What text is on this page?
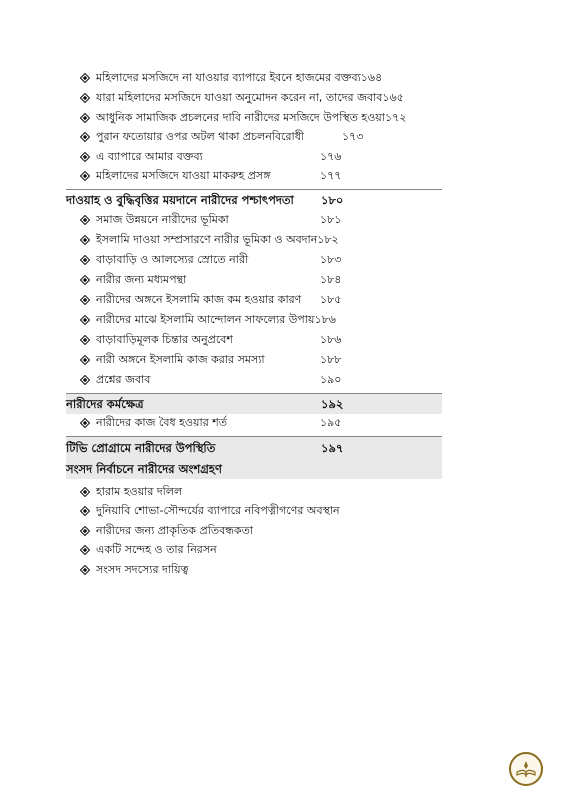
মহিলাদের মসজিদে না যাওয়ার ব্যাপারে ইবনে হাজমের বক্তব্য১৬৪
যারা মহিলাদের মসজিদে যাওয়া অনুমোদন করেন না, তাদের জবাব১৬৫
আধুনিক সামাজিক প্রচলনের দাবি নারীদের মসজিদে উপস্থিত হওয়া১৭২
পুরান ফতোয়ার ওপর অটল থাকা প্রচলনবিরোধী	১৭৩
এ ব্যাপারে আমার বক্তব্য	১৭৬
মহিলাদের মসজিদে যাওয়া মাকরুহ প্রসঙ্গ	১৭৭
দাওয়াহ ও বুদ্ধিবৃত্তির ময়দানে নারীদের পশ্চাৎপদতা ১৮০
সমাজ উন্নয়নে নারীদের ভূমিকা	১৮১
ইসলামি দাওয়া সম্প্রসারণে নারীর ভূমিকা ও অবদান১৮২
বাড়াবাড়ি ও আলস্যের স্রোতে নারী	১৮৩
নারীর জন্য মধ্যমপন্থা	১৮৪
নারীদের অঙ্গনে ইসলামি কাজ কম হওয়ার কারণ ১৮৫
নারীদের মাঝে ইসলামি আন্দোলন সাফল্যের উপায়১৮৬
বাড়াবাড়িমূলক চিন্তার অনুপ্রবেশ	১৮৬
নারী অঙ্গনে ইসলামি কাজ করার সমস্যা	১৮৮
প্রশ্নের জবাব	১৯০
নারীদের কর্মক্ষেত্র	১৯২
নারীদের কাজ বৈধ হওয়ার শর্ত	১৯৫
টিভি প্রোগ্রামে নারীদের উপস্থিতি	১৯৭
সংসদ নির্বাচনে নারীদের অংশগ্রহণ
হারাম হওয়ার দলিল
দুনিয়াবি শোভা-সৌন্দর্যের ব্যাপারে নবিপত্নীগণের অবস্থান
নারীদের জন্য প্রাকৃতিক প্রতিবন্ধকতা
একটি সন্দেহ ও তার নিরসন
সংসদ সদস্যের দায়িত্ব
